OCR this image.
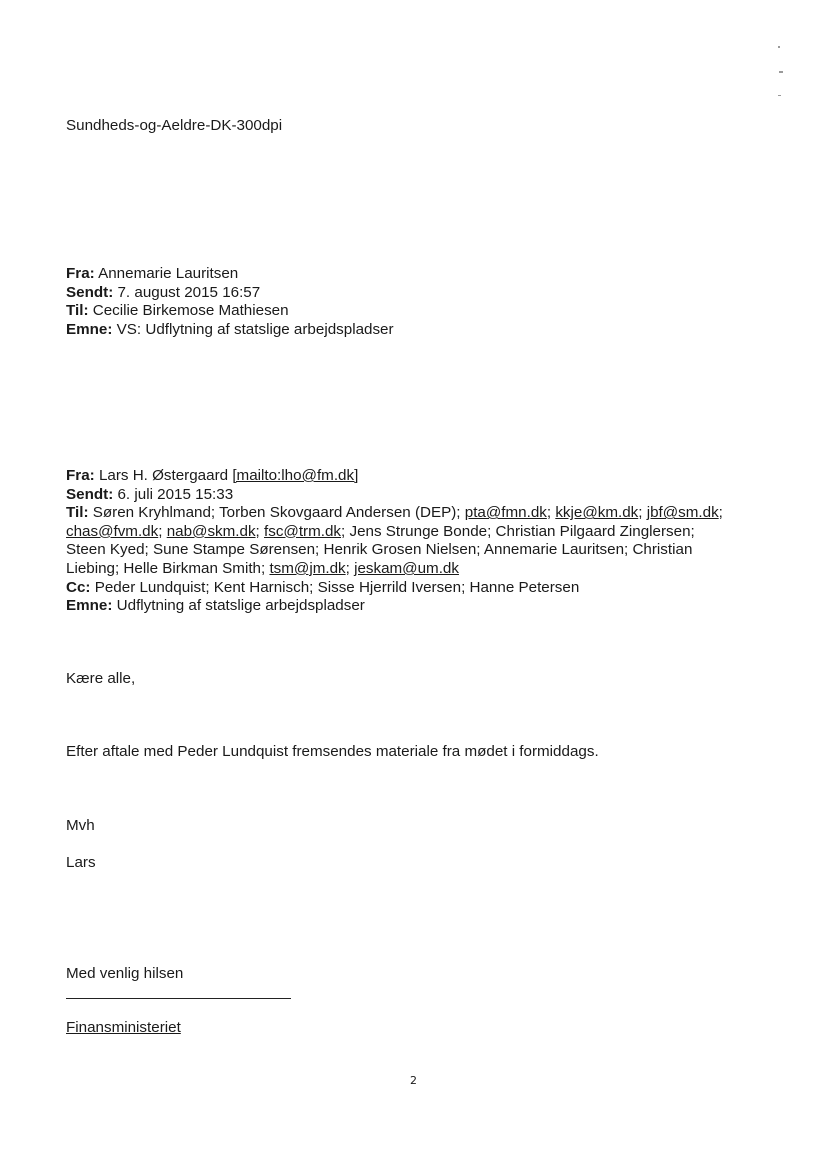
Sundheds-og-Aeldre-DK-300dpi
Fra: Annemarie Lauritsen
Sendt: 7. august 2015 16:57
Til: Cecilie Birkemose Mathiesen
Emne: VS: Udflytning af statslige arbejdspladser
Fra: Lars H. Østergaard [mailto:lho@fm.dk]
Sendt: 6. juli 2015 15:33
Til: Søren Kryhlmand; Torben Skovgaard Andersen (DEP); pta@fmn.dk; kkje@km.dk; jbf@sm.dk;
chas@fvm.dk; nab@skm.dk; fsc@trm.dk; Jens Strunge Bonde; Christian Pilgaard Zinglersen;
Steen Kyed; Sune Stampe Sørensen; Henrik Grosen Nielsen; Annemarie Lauritsen; Christian
Liebing; Helle Birkman Smith; tsm@jm.dk; jeskam@um.dk
Cc: Peder Lundquist; Kent Harnisch; Sisse Hjerrild Iversen; Hanne Petersen
Emne: Udflytning af statslige arbejdspladser
Kære alle,
Efter aftale med Peder Lundquist fremsendes materiale fra mødet i formiddags.
Mvh
Lars
Med venlig hilsen
Finansministeriet
2
